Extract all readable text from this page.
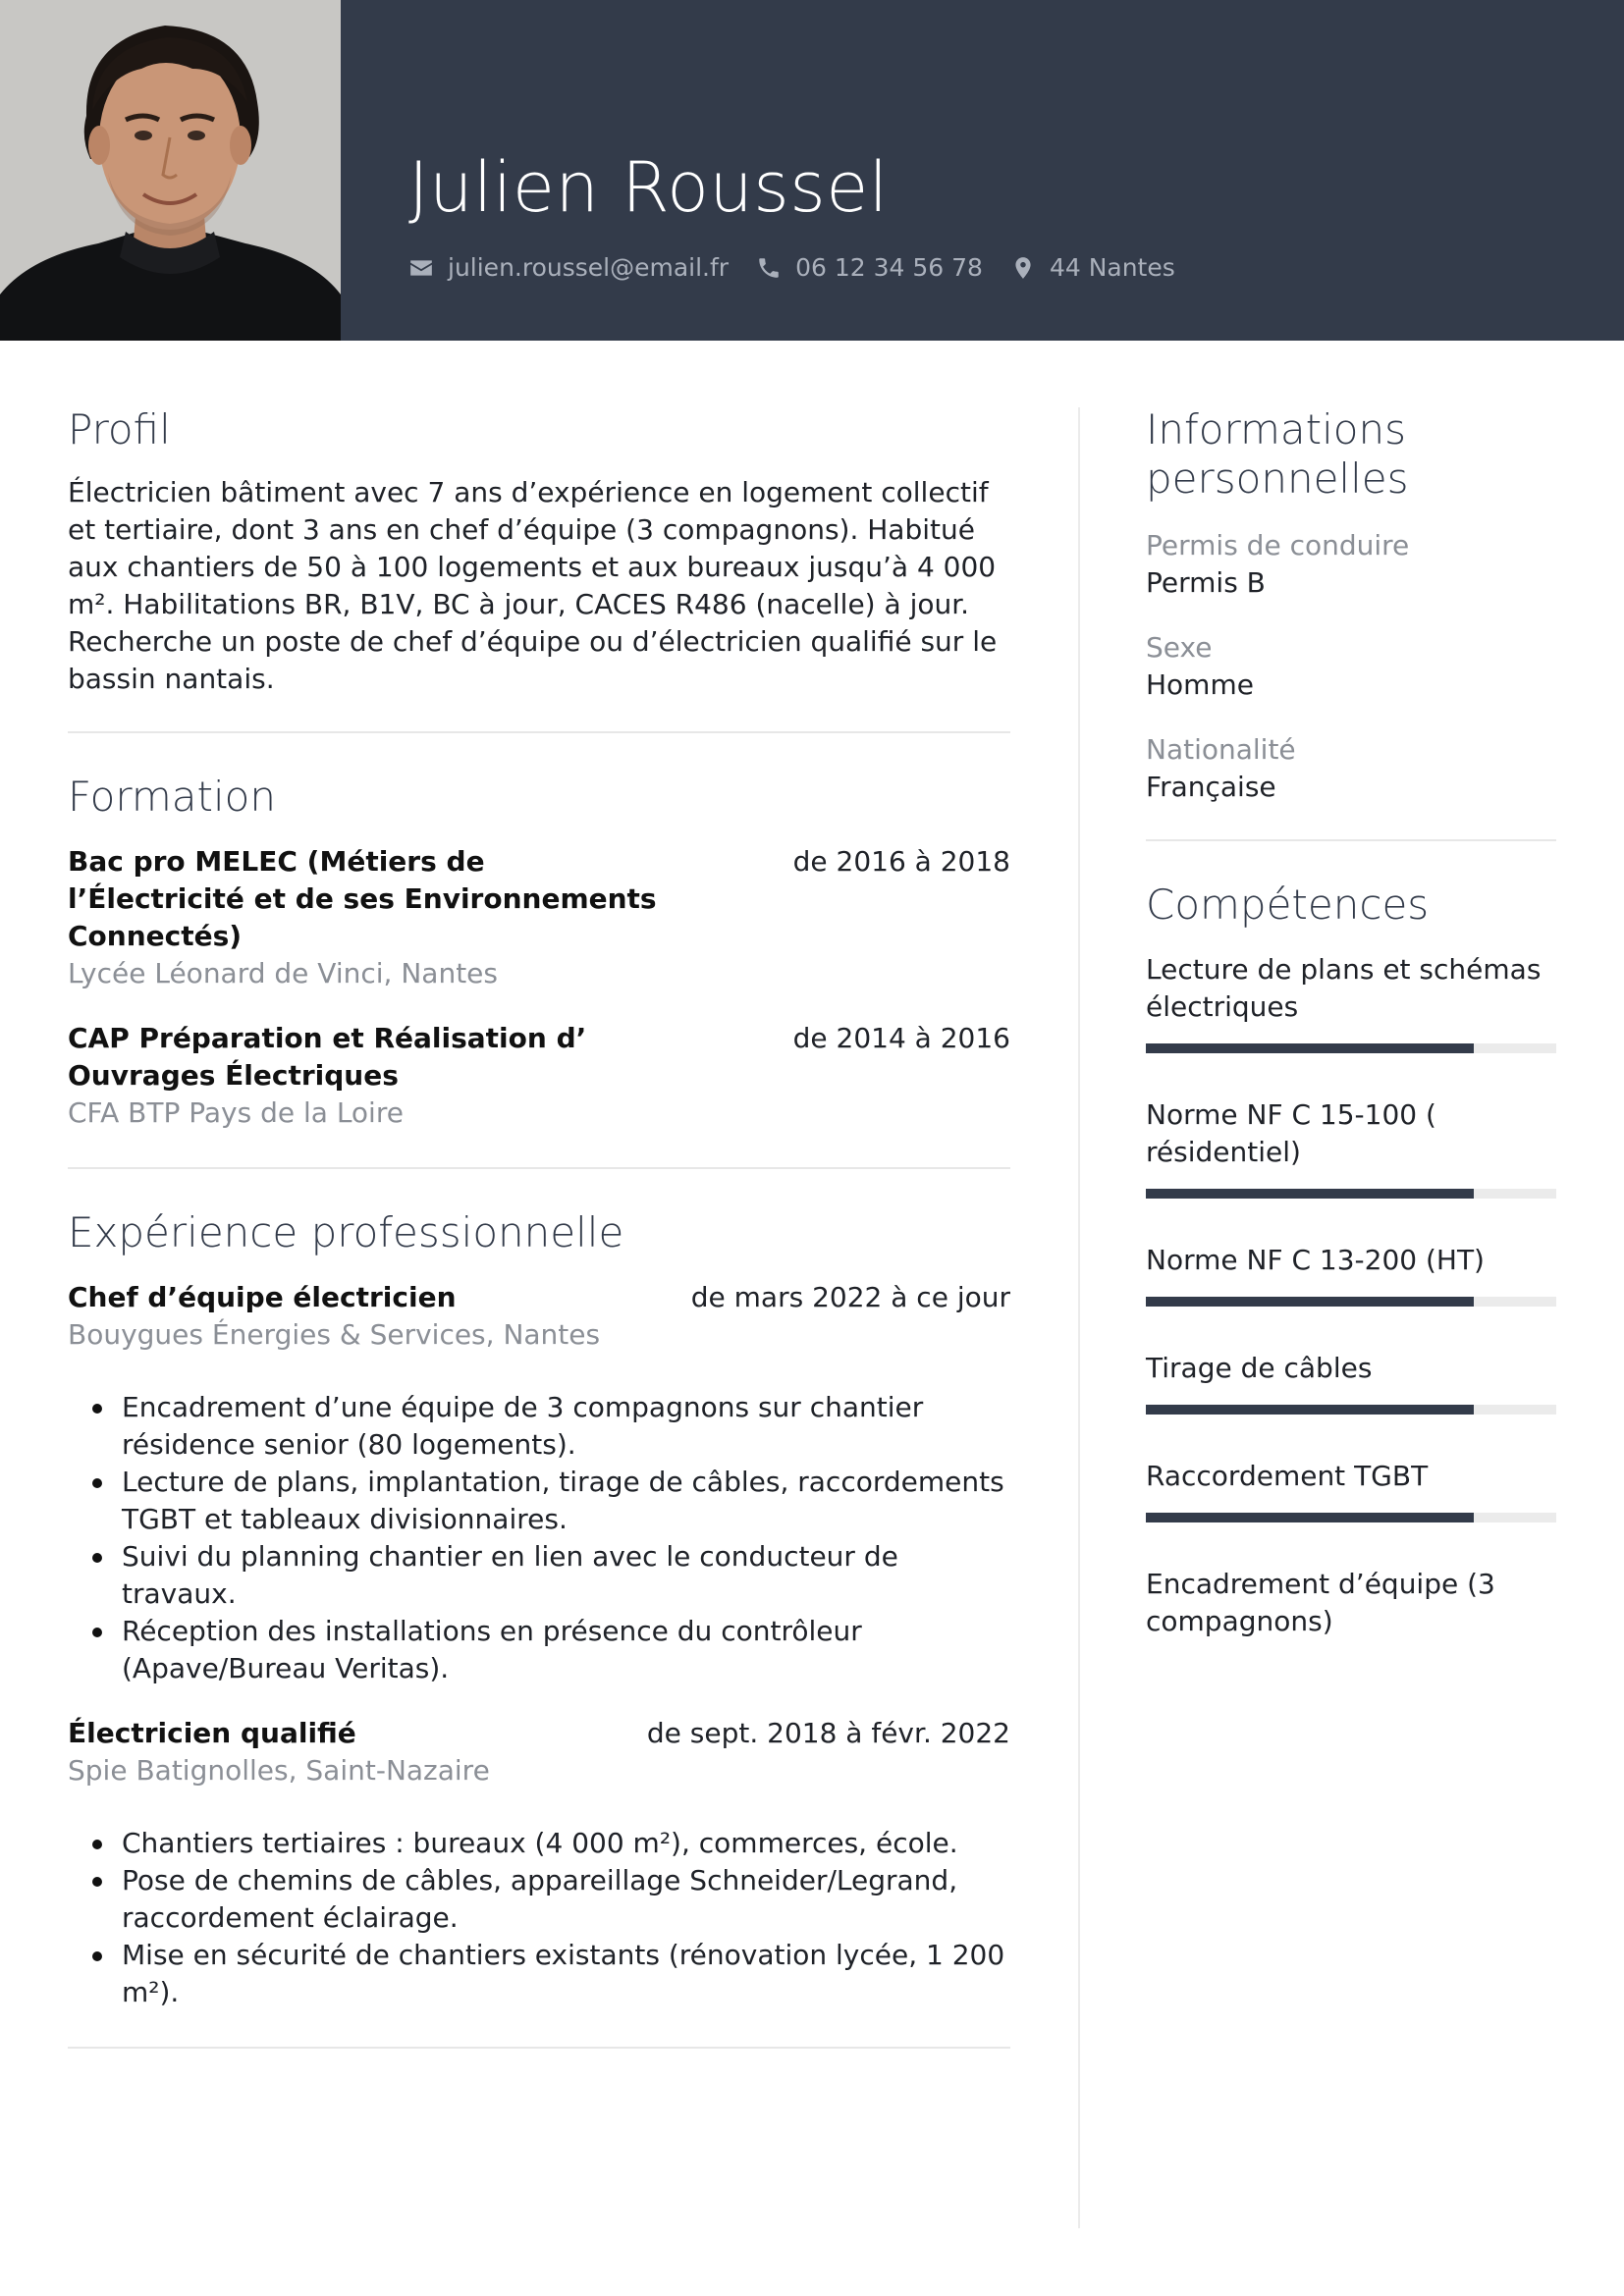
Julien Roussel
julien.roussel@email.fr	06 12 34 56 78	44 Nantes
Profil

Électricien bâtiment avec 7 ans d’expérience en logement collectif et tertiaire, dont 3 ans en chef d’équipe (3 compagnons). Habitué aux chantiers de 50 à 100 logements et aux bureaux jusqu’à 4 000 m². Habilitations BR, B1V, BC à jour, CACES R486 (nacelle) à jour. Recherche un poste de chef d’équipe ou d’électricien qualifié sur le bassin nantais.

Formation
Bac pro MELEC (Métiers de l’Électricité et de ses Environnements Connectés)
de 2016 à 2018
Lycée Léonard de Vinci, Nantes
CAP Préparation et Réalisation d’ Ouvrages Électriques
de 2014 à 2016
CFA BTP Pays de la Loire
Expérience professionnelle
Chef d’équipe électricien	de mars 2022 à ce jour
Bouygues Énergies & Services, Nantes
Encadrement d’une équipe de 3 compagnons sur chantier résidence senior (80 logements).
Lecture de plans, implantation, tirage de câbles, raccordements TGBT et tableaux divisionnaires.
Suivi du planning chantier en lien avec le conducteur de travaux.
Réception des installations en présence du contrôleur (Apave/Bureau Veritas).
Électricien qualifié	de sept. 2018 à févr. 2022
Spie Batignolles, Saint-Nazaire
Chantiers tertiaires : bureaux (4 000 m²), commerces, école.
Pose de chemins de câbles, appareillage Schneider/Legrand, raccordement éclairage.
Mise en sécurité de chantiers existants (rénovation lycée, 1 200 m²).
Informations personnelles
Permis de conduire
Permis B
Sexe
Homme
Nationalité
Française
Compétences
Lecture de plans et schémas électriques
Norme NF C 15-100 ( résidentiel)
Norme NF C 13-200 (HT)
Tirage de câbles
Raccordement TGBT
Encadrement d’équipe (3 compagnons)
